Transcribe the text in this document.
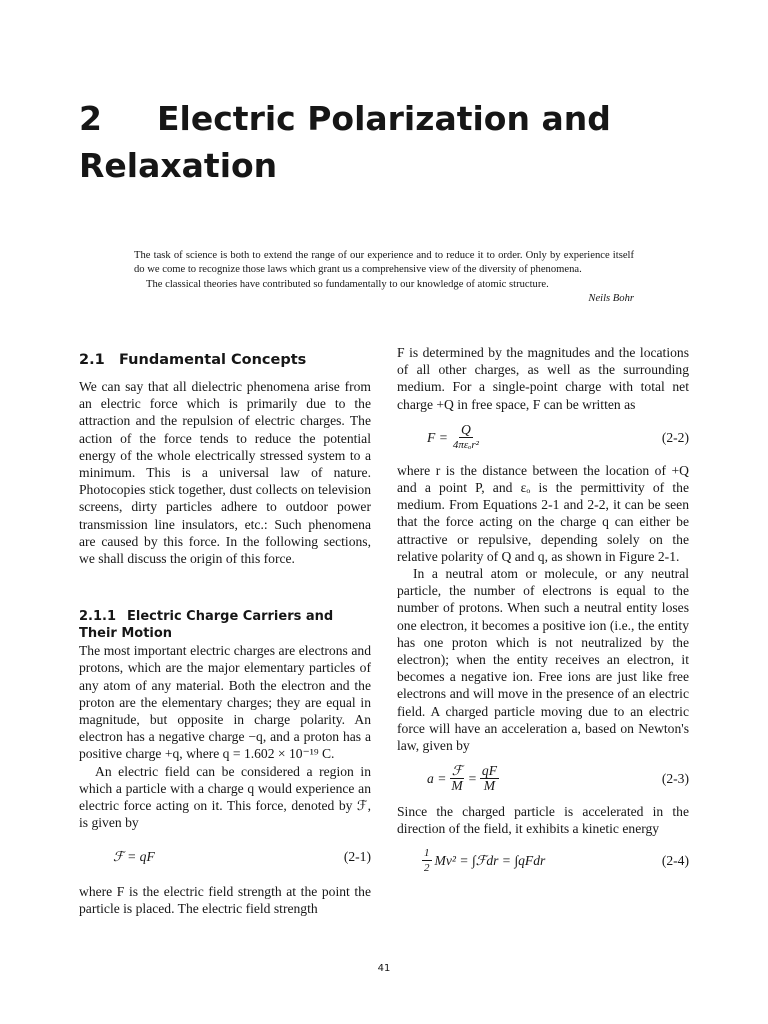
2 Electric Polarization and
Relaxation

The task of science is both to extend the range of our experience and to reduce it to order. Only by experience itself do we come to recognize those laws which grant us a comprehensive view of the diversity of phenomena.

The classical theories have contributed so fundamentally to our knowledge of atomic structure.

Neils Bohr

2.1 Fundamental Concepts

We can say that all dielectric phenomena arise from an electric force which is primarily due to the attraction and the repulsion of electric charges. The action of the force tends to reduce the potential energy of the whole electrically stressed system to a minimum. This is a universal law of nature. Photocopies stick together, dust collects on television screens, dirty particles adhere to outdoor power transmission line insulators, etc.: Such phenomena are caused by this force. In the following sections, we shall discuss the origin of this force.

2.1.1 Electric Charge Carriers and Their Motion

The most important electric charges are electrons and protons, which are the major elementary particles of any atom of any material. Both the electron and the proton are the elementary charges; they are equal in magnitude, but opposite in charge polarity. An electron has a negative charge −q, and a proton has a positive charge +q, where q = 1.602 × 10⁻¹⁹ C.

An electric field can be considered a region in which a particle with a charge q would experience an electric force acting on it. This force, denoted by ℱ, is given by

ℱ = qF	(2-1)

where F is the electric field strength at the point the particle is placed. The electric field strength

F is determined by the magnitudes and the locations of all other charges, as well as the surrounding medium. For a single-point charge with total net charge +Q in free space, F can be written as

$F = \frac{Q}{\text{4πεₒr²}}$	(2-2)

where r is the distance between the location of +Q and a point P, and εₒ is the permittivity of the medium. From Equations 2-1 and 2-2, it can be seen that the force acting on the charge q can either be attractive or repulsive, depending solely on the relative polarity of Q and q, as shown in Figure 2-1.

In a neutral atom or molecule, or any neutral particle, the number of electrons is equal to the number of protons. When such a neutral entity loses one electron, it becomes a positive ion (i.e., the entity has one proton which is not neutralized by the electron); when the entity receives an electron, it becomes a negative ion. Free ions are just like free electrons and will move in the presence of an electric field. A charged particle moving due to an electric force will have an acceleration a, based on Newton's law, given by

$a = \frac{\text{ℱ}}{M} = \frac{qF}{M}$	(2-3)

Since the charged particle is accelerated in the direction of the field, it exhibits a kinetic energy

$\frac{1}{2} Mv^2$ = ∫ℱdr = ∫qFdr	(2-4)
41
